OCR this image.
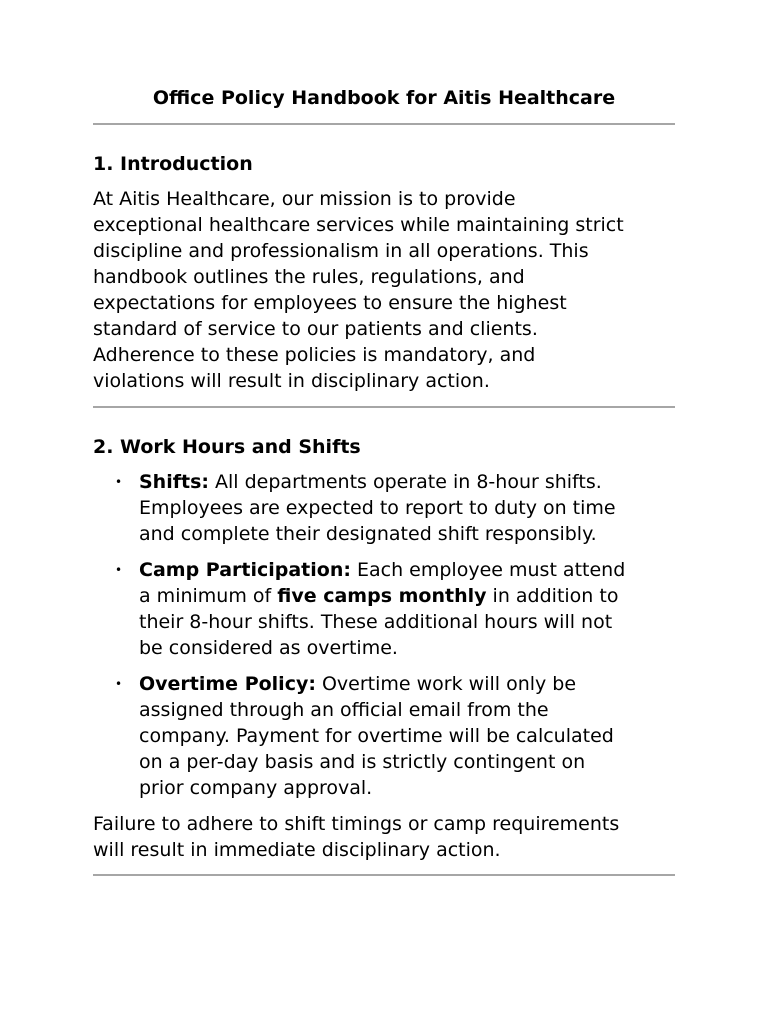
Office Policy Handbook for Aitis Healthcare
1. Introduction
At Aitis Healthcare, our mission is to provide
exceptional healthcare services while maintaining strict
discipline and professionalism in all operations. This
handbook outlines the rules, regulations, and
expectations for employees to ensure the highest
standard of service to our patients and clients.
Adherence to these policies is mandatory, and
violations will result in disciplinary action.
2. Work Hours and Shifts
• Shifts: All departments operate in 8-hour shifts.
Employees are expected to report to duty on time
and complete their designated shift responsibly.
• Camp Participation: Each employee must attend
a minimum of five camps monthly in addition to
their 8-hour shifts. These additional hours will not
be considered as overtime.
• Overtime Policy: Overtime work will only be
assigned through an official email from the
company. Payment for overtime will be calculated
on a per-day basis and is strictly contingent on
prior company approval.
Failure to adhere to shift timings or camp requirements
will result in immediate disciplinary action.
